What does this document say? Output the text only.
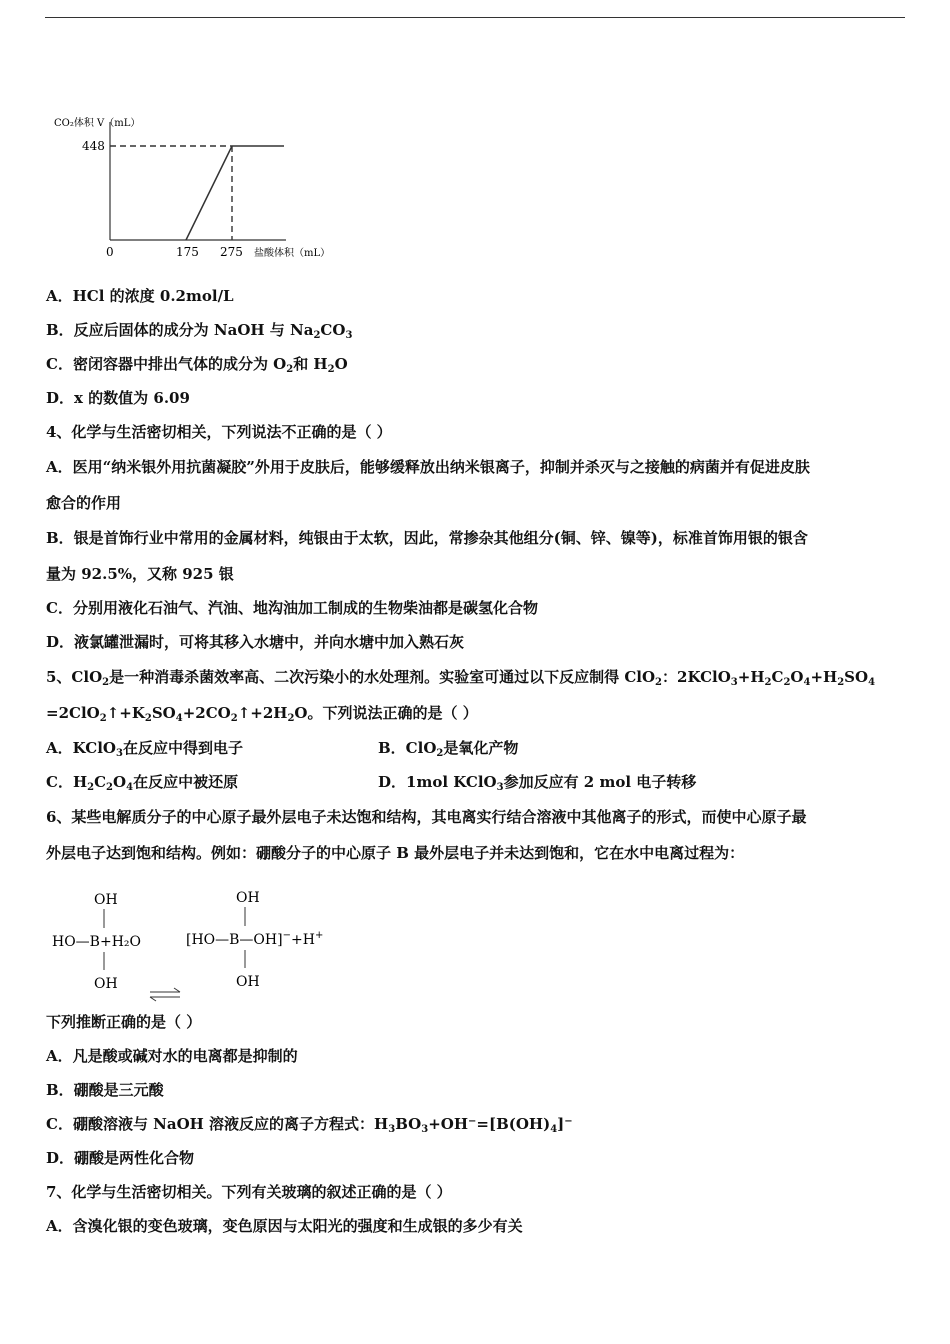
CO₂体积 V（mL）
448
0	175 275 盐酸体积（mL）
A．HCl 的浓度 0.2mol/L
B．反应后固体的成分为 NaOH 与 $Na_2CO_3$
C．密闭容器中排出气体的成分为 $O_2$和 $H_2O$
D．x 的数值为 6.09
4、化学与生活密切相关，下列说法不正确的是（ ）
A．医用“纳米银外用抗菌凝胶”外用于皮肤后，能够缓释放出纳米银离子，抑制并杀灭与之接触的病菌并有促进皮肤
愈合的作用
B．银是首饰行业中常用的金属材料，纯银由于太软，因此，常掺杂其他组分(铜、锌、镍等)，标准首饰用银的银含
量为 92.5%，又称 925 银
C．分别用液化石油气、汽油、地沟油加工制成的生物柴油都是碳氢化合物
D．液氯罐泄漏时，可将其移入水塘中，并向水塘中加入熟石灰
5、ClO$_2$是一种消毒杀菌效率高、二次污染小的水处理剂。实验室可通过以下反应制得 ClO$_2$：$2KClO_3+H_2C_2O_4+H_2SO_4$
$=2ClO_2↑+K_2SO_4+2CO_2↑+2H_2O$。下列说法正确的是（ ）
A．KClO$_3$在反应中得到电子	B．ClO$_2$是氧化产物
C．$H_2C_2O_4$在反应中被还原	D．1mol KClO$_3$参加反应有 2 mol 电子转移
6、某些电解质分子的中心原子最外层电子未达饱和结构，其电离实行结合溶液中其他离子的形式，而使中心原子最
外层电子达到饱和结构。例如：硼酸分子的中心原子 B 最外层电子并未达到饱和，它在水中电离过程为：
OH
HO—B+H₂O
OH
OH
[HO—B—OH]−+H+
OH
下列推断正确的是（ ）
A．凡是酸或碱对水的电离都是抑制的
B．硼酸是三元酸
C．硼酸溶液与 NaOH 溶液反应的离子方程式：$H_3BO_3+OH^-=[B(OH)_4]^-$
D．硼酸是两性化合物
7、化学与生活密切相关。下列有关玻璃的叙述正确的是（ ）
A．含溴化银的变色玻璃，变色原因与太阳光的强度和生成银的多少有关
